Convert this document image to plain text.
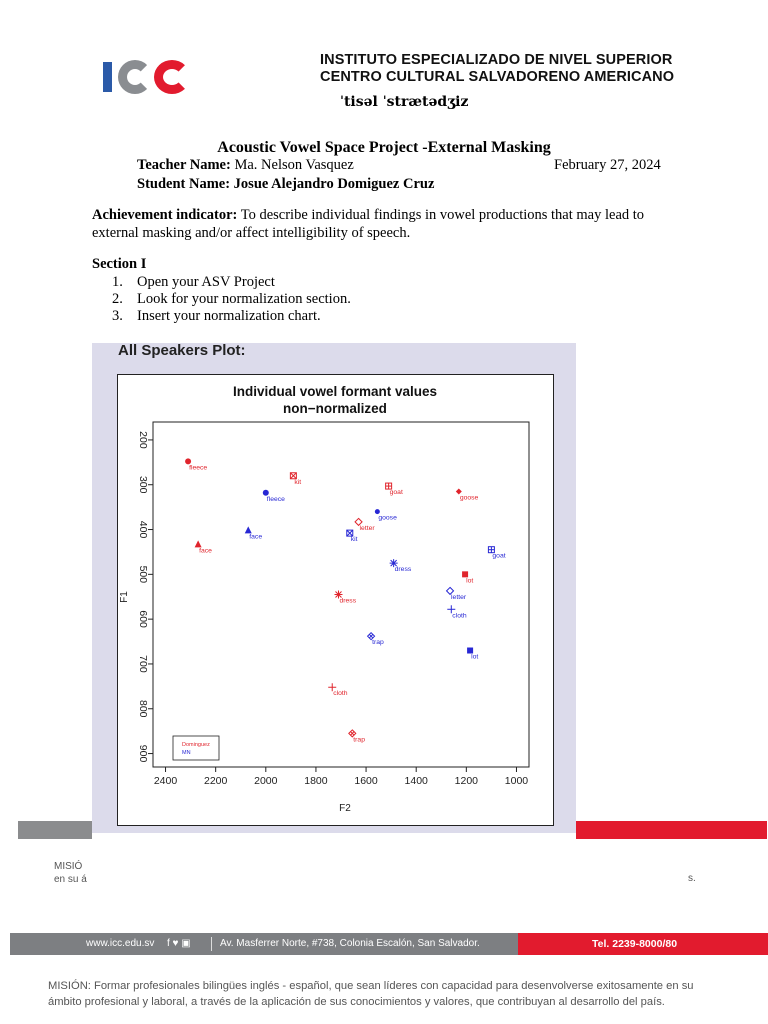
INSTITUTO ESPECIALIZADO DE NIVEL SUPERIOR
CENTRO CULTURAL SALVADORENO AMERICANO
ˈtisəl ˈstrætədʒiz
Acoustic Vowel Space Project -External Masking
Teacher Name: Ma. Nelson Vasquez	February 27, 2024
Student Name: Josue Alejandro Domiguez Cruz
Achievement indicator: To describe individual findings in vowel productions that may lead to external masking and/or affect intelligibility of speech.
Section I
1. Open your ASV Project
2. Look for your normalization section.
3. Insert your normalization chart.
All Speakers Plot:
Individual vowel formant values
non−normalized
2400	2200	2000	1800	1600	1400	1200	1000
200
300
400
500
600
700
800
900
F2
F1
fleece
kit
goat
goose
letter
face
lot
dress
cloth
trap
fleece
goose
face	kit
goat
dress
letter
cloth
trap
lot
Dominguez
MN
MISIÓ
en su á	s.
www.icc.edu.sv f ♥ ▣	Av. Masferrer Norte, #738, Colonia Escalón, San Salvador.	Tel. 2239-8000/80
MISIÓN: Formar profesionales bilingües inglés - español, que sean líderes con capacidad para desenvolverse exitosamente en su ámbito profesional y laboral, a través de la aplicación de sus conocimientos y valores, que contribuyan al desarrollo del país.
